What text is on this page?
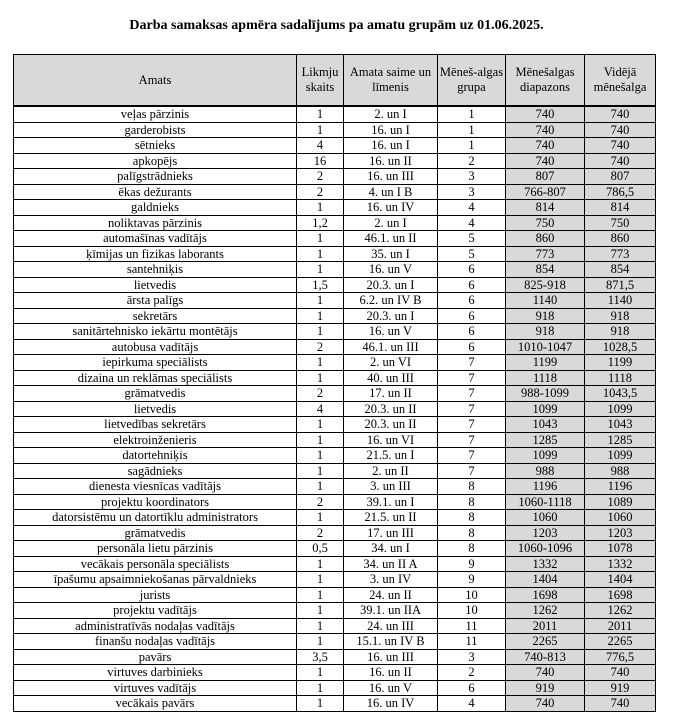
Darba samaksas apmēra sadalījums pa amatu grupām uz 01.06.2025.
Amats	Likmju skaits	Amata saime un līmenis	Mēneš-algas grupa	Mēnešalgas diapazons	Vidējā mēnešalga
veļas pārzinis	1	2. un I	1	740	740
garderobists	1	16. un I	1	740	740
sētnieks	4	16. un I	1	740	740
apkopējs	16	16. un II	2	740	740
palīgstrādnieks	2	16. un III	3	807	807
ēkas dežurants	2	4. un I B	3	766-807	786,5
galdnieks	1	16. un IV	4	814	814
noliktavas pārzinis	1,2	2. un I	4	750	750
automašīnas vadītājs	1	46.1. un II	5	860	860
ķīmijas un fizikas laborants	1	35. un I	5	773	773
santehniķis	1	16. un V	6	854	854
lietvedis	1,5	20.3. un I	6	825-918	871,5
ārsta palīgs	1	6.2. un IV B	6	1140	1140
sekretārs	1	20.3. un I	6	918	918
sanitārtehnisko iekārtu montētājs	1	16. un V	6	918	918
autobusa vadītājs	2	46.1. un III	6	1010-1047	1028,5
iepirkuma speciālists	1	2. un VI	7	1199	1199
dizaina un reklāmas speciālists	1	40. un III	7	1118	1118
grāmatvedis	2	17. un II	7	988-1099	1043,5
lietvedis	4	20.3. un II	7	1099	1099
lietvedības sekretārs	1	20.3. un II	7	1043	1043
elektroinženieris	1	16. un VI	7	1285	1285
datortehniķis	1	21.5. un I	7	1099	1099
sagādnieks	1	2. un II	7	988	988
dienesta viesnīcas vadītājs	1	3. un III	8	1196	1196
projektu koordinators	2	39.1. un I	8	1060-1118	1089
datorsistēmu un datortīklu administrators	1	21.5. un II	8	1060	1060
grāmatvedis	2	17. un III	8	1203	1203
personāla lietu pārzinis	0,5	34. un I	8	1060-1096	1078
vecākais personāla speciālists	1	34. un II A	9	1332	1332
īpašumu apsaimniekošanas pārvaldnieks	1	3. un IV	9	1404	1404
jurists	1	24. un II	10	1698	1698
projektu vadītājs	1	39.1. un IIA	10	1262	1262
administratīvās nodaļas vadītājs	1	24. un III	11	2011	2011
finanšu nodaļas vadītājs	1	15.1. un IV B	11	2265	2265
pavārs	3,5	16. un III	3	740-813	776,5
virtuves darbinieks	1	16. un II	2	740	740
virtuves vadītājs	1	16. un V	6	919	919
vecākais pavārs	1	16. un IV	4	740	740
